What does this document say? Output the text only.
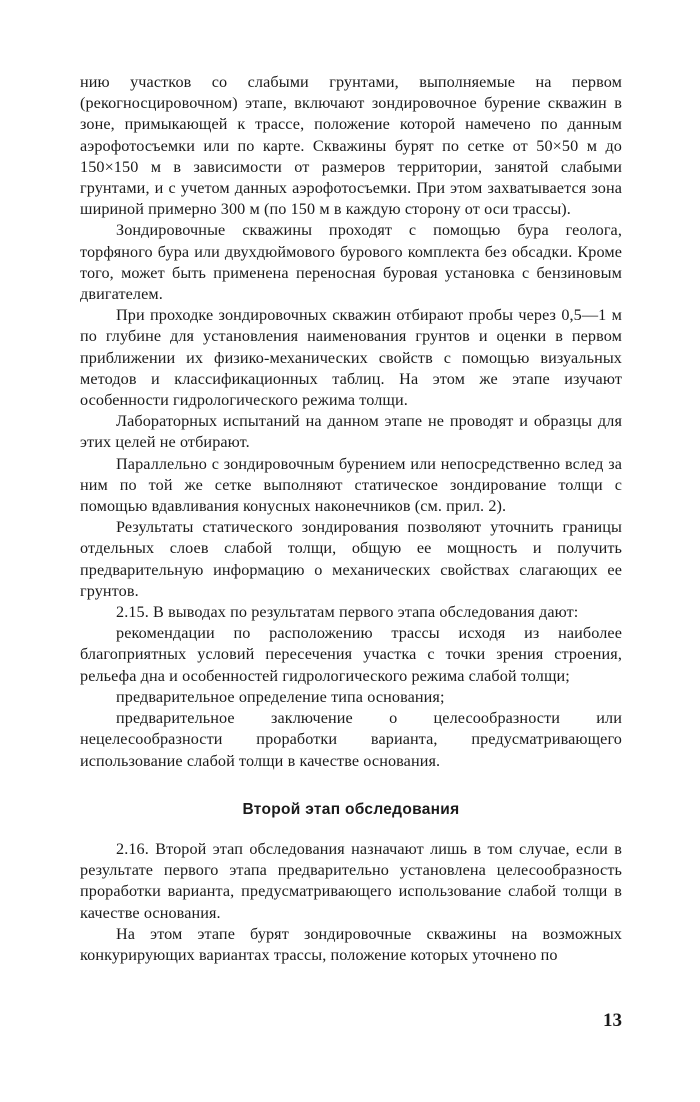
нию участков со слабыми грунтами, выполняемые на первом (рекогносцировочном) этапе, включают зондировочное бурение скважин в зоне, примыкающей к трассе, положение которой намечено по данным аэрофотосъемки или по карте. Скважины бурят по сетке от 50×50 м до 150×150 м в зависимости от размеров территории, занятой слабыми грунтами, и с учетом данных аэрофотосъемки. При этом захватывается зона шириной примерно 300 м (по 150 м в каждую сторону от оси трассы).

Зондировочные скважины проходят с помощью бура геолога, торфяного бура или двухдюймового бурового комплекта без обсадки. Кроме того, может быть применена переносная буровая установка с бензиновым двигателем.

При проходке зондировочных скважин отбирают пробы через 0,5—1 м по глубине для установления наименования грунтов и оценки в первом приближении их физико-механических свойств с помощью визуальных методов и классификационных таблиц. На этом же этапе изучают особенности гидрологического режима толщи.

Лабораторных испытаний на данном этапе не проводят и образцы для этих целей не отбирают.

Параллельно с зондировочным бурением или непосредственно вслед за ним по той же сетке выполняют статическое зондирование толщи с помощью вдавливания конусных наконечников (см. прил. 2).

Результаты статического зондирования позволяют уточнить границы отдельных слоев слабой толщи, общую ее мощность и получить предварительную информацию о механических свойствах слагающих ее грунтов.

2.15. В выводах по результатам первого этапа обследования дают:

рекомендации по расположению трассы исходя из наиболее благоприятных условий пересечения участка с точки зрения строения, рельефа дна и особенностей гидрологического режима слабой толщи;

предварительное определение типа основания;

предварительное заключение о целесообразности или нецелесообразности проработки варианта, предусматривающего использование слабой толщи в качестве основания.

Второй этап обследования

2.16. Второй этап обследования назначают лишь в том случае, если в результате первого этапа предварительно установлена целесообразность проработки варианта, предусматривающего использование слабой толщи в качестве основания.

На этом этапе бурят зондировочные скважины на возможных конкурирующих вариантах трассы, положение которых уточнено по

13
